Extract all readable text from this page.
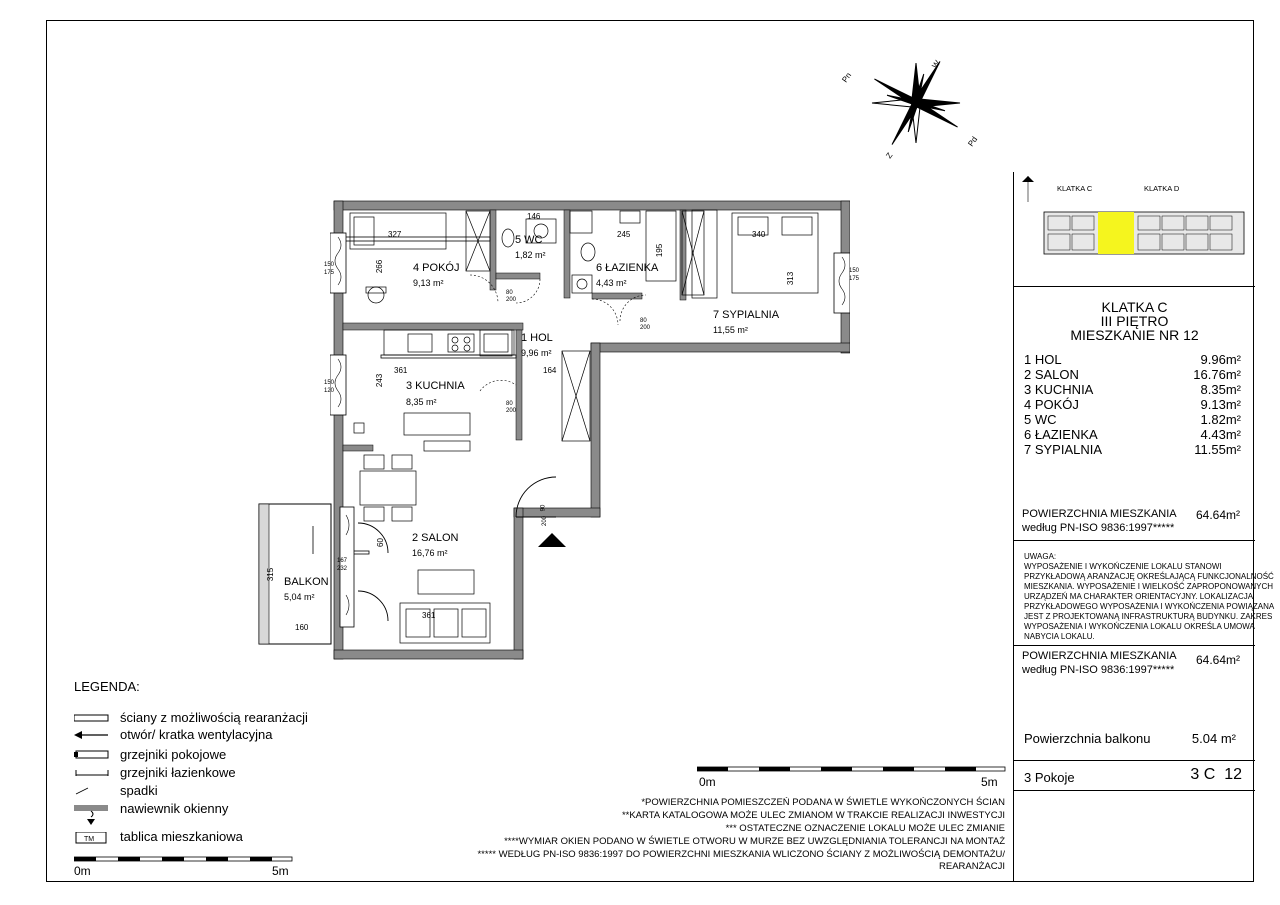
Pn
W
Z
Pd
4 POKÓJ
9,13 m²
5 WC
1,82 m²
6 ŁAZIENKA
4,43 m²
7 SYPIALNIA
11,55 m²
1 HOL
9,96 m²
3 KUCHNIA
8,35 m²
2 SALON
16,76 m²
BALKON
5,04 m²
327
146
245	340
266
195
313
361	164
243
60
315
160
361
150
175
150
120
150
175
167
232
80
200
80
200
80
200
90
200
KLATKA C	KLATKA D
KLATKA C
III PIĘTRO
MIESZKANIE NR 12
1 HOL	9.96m²
2 SALON	16.76m²
3 KUCHNIA	8.35m²
4 POKÓJ	9.13m²
5 WC	1.82m²
6 ŁAZIENKA	4.43m²
7 SYPIALNIA	11.55m²
POWIERZCHNIA MIESZKANIA
według PN-ISO 9836:1997*****
64.64m²
UWAGA:
WYPOSAŻENIE I WYKOŃCZENIE LOKALU STANOWI
PRZYKŁADOWĄ ARANŻACJĘ OKREŚLAJĄCĄ FUNKCJONALNOŚĆ
MIESZKANIA. WYPOSAŻENIE I WIELKOŚĆ ZAPROPONOWANYCH
URZĄDZEŃ MA CHARAKTER ORIENTACYJNY. LOKALIZACJA
PRZYKŁADOWEGO WYPOSAŻENIA I WYKOŃCZENIA POWIĄZANA
JEST Z PROJEKTOWANĄ INFRASTRUKTURĄ BUDYNKU. ZAKRES
WYPOSAŻENIA I WYKOŃCZENIA LOKALU OKREŚLA UMOWA
NABYCIA LOKALU.
POWIERZCHNIA MIESZKANIA
według PN-ISO 9836:1997*****
64.64m²
Powierzchnia balkonu	5.04 m²
3 Pokoje	3 C  12
LEGENDA:
ściany z możliwością rearanżacji
otwór/ kratka wentylacyjna
grzejniki pokojowe
grzejniki łazienkowe
spadki
nawiewnik okienny
TM tablica mieszkaniowa
0m	5m
0m	5m
*POWIERZCHNIA POMIESZCZEŃ PODANA W ŚWIETLE WYKOŃCZONYCH ŚCIAN
**KARTA KATALOGOWA MOŻE ULEC ZMIANOM W TRAKCIE REALIZACJI INWESTYCJI
*** OSTATECZNE OZNACZENIE LOKALU MOŻE ULEC ZMIANIE
****WYMIAR OKIEN PODANO W ŚWIETLE OTWORU W MURZE BEZ UWZGLĘDNIANIA TOLERANCJI NA MONTAŻ
***** WEDŁUG PN-ISO 9836:1997 DO POWIERZCHNI MIESZKANIA WLICZONO ŚCIANY Z MOŻLIWOŚCIĄ DEMONTAŻU/
REARANŻACJI
